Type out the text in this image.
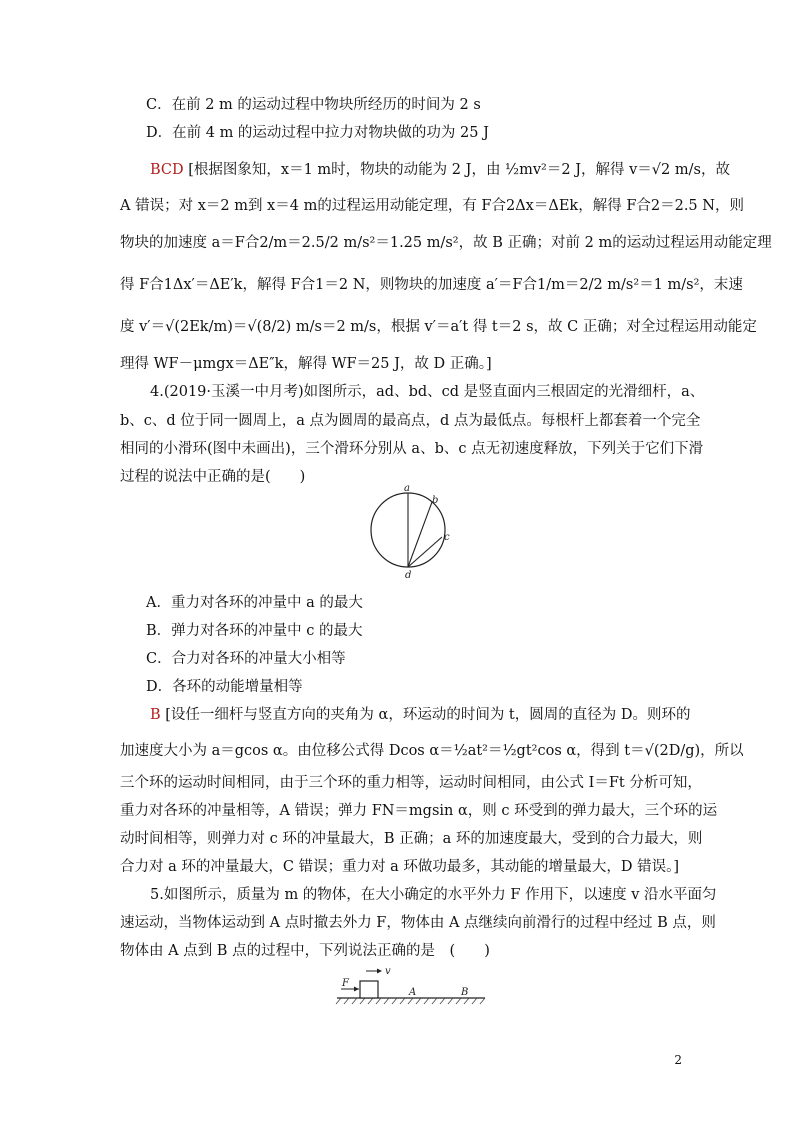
C．在前 2 m 的运动过程中物块所经历的时间为 2 s
D．在前 4 m 的运动过程中拉力对物块做的功为 25 J
BCD [根据图象知，x＝1 m时，物块的动能为 2 J，由 ½mv²＝2 J，解得 v＝√2 m/s，故
A 错误；对 x＝2 m到 x＝4 m的过程运用动能定理，有 F合2Δx＝ΔEk，解得 F合2＝2.5 N，则
物块的加速度 a＝F合2/m＝2.5/2 m/s²＝1.25 m/s²，故 B 正确；对前 2 m的运动过程运用动能定理
得 F合1Δx′＝ΔE′k，解得 F合1＝2 N，则物块的加速度 a′＝F合1/m＝2/2 m/s²＝1 m/s²，末速
度 v′＝√(2Ek/m)＝√(8/2) m/s＝2 m/s，根据 v′＝a′t 得 t＝2 s，故 C 正确；对全过程运用动能定
理得 WF－μmgx＝ΔE″k，解得 WF＝25 J，故 D 正确。]
4.(2019·玉溪一中月考)如图所示，ad、bd、cd 是竖直面内三根固定的光滑细杆，a、
b、c、d 位于同一圆周上，a 点为圆周的最高点，d 点为最低点。每根杆上都套着一个完全
相同的小滑环(图中未画出)，三个滑环分别从 a、b、c 点无初速度释放，下列关于它们下滑
过程的说法中正确的是(　　)
a
b
c
d
A．重力对各环的冲量中 a 的最大
B．弹力对各环的冲量中 c 的最大
C．合力对各环的冲量大小相等
D．各环的动能增量相等
B [设任一细杆与竖直方向的夹角为 α，环运动的时间为 t，圆周的直径为 D。则环的
加速度大小为 a＝gcos α。由位移公式得 Dcos α＝½at²＝½gt²cos α，得到 t＝√(2D/g)，所以
三个环的运动时间相同，由于三个环的重力相等，运动时间相同，由公式 I＝Ft 分析可知，
重力对各环的冲量相等，A 错误；弹力 FN＝mgsin α，则 c 环受到的弹力最大，三个环的运
动时间相等，则弹力对 c 环的冲量最大，B 正确；a 环的加速度最大，受到的合力最大，则
合力对 a 环的冲量最大，C 错误；重力对 a 环做功最多，其动能的增量最大，D 错误。]
5.如图所示，质量为 m 的物体，在大小确定的水平外力 F 作用下，以速度 v 沿水平面匀
速运动，当物体运动到 A 点时撤去外力 F，物体由 A 点继续向前滑行的过程中经过 B 点，则
物体由 A 点到 B 点的过程中，下列说法正确的是　(　　)
F
v
A	B
2
